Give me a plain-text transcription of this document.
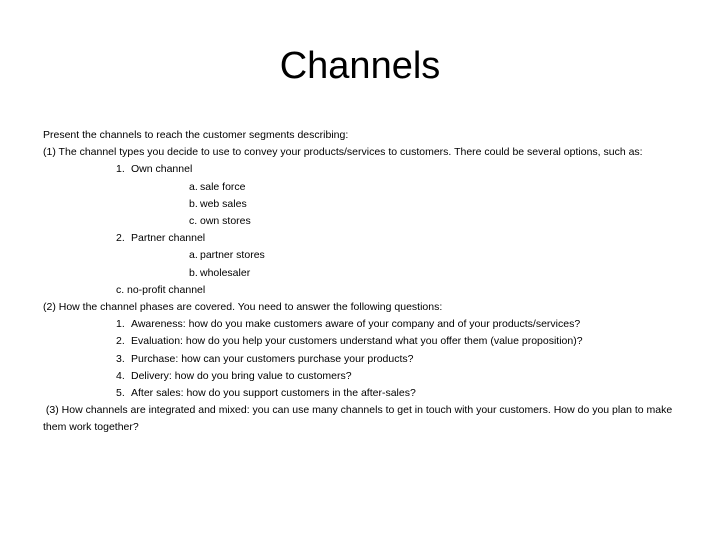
Channels
Present the channels to reach the customer segments describing:
(1) The channel types you decide to use to convey your products/services to customers. There could be several options, such as:
1. Own channel
a. sale force
b. web sales
c. own stores
2. Partner channel
a. partner stores
b. wholesaler
c. no-profit channel
(2) How the channel phases are covered. You need to answer the following questions:
1. Awareness: how do you make customers aware of your company and of your products/services?
2. Evaluation: how do you help your customers understand what you offer them (value proposition)?
3. Purchase: how can your customers purchase your products?
4. Delivery: how do you bring value to customers?
5. After sales: how do you support customers in the after-sales?
(3) How channels are integrated and mixed: you can use many channels to get in touch with your customers. How do you plan to make them work together?
